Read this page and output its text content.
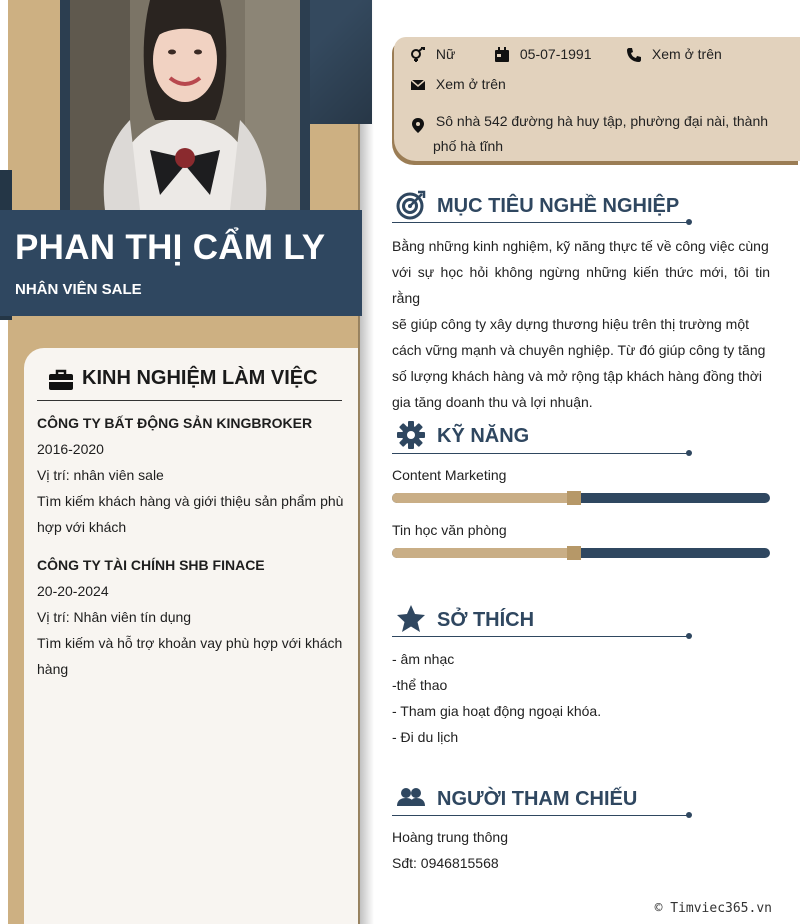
PHAN THỊ CẨM LY
NHÂN VIÊN SALE
KINH NGHIỆM LÀM VIỆC
CÔNG TY BẤT ĐỘNG SẢN KINGBROKER
2016-2020
Vị trí: nhân viên sale
Tìm kiếm khách hàng và giới thiệu sản phẩm phù
hợp với khách
CÔNG TY TÀI CHÍNH SHB FINACE
20-20-2024
Vị trí: Nhân viên tín dụng
Tìm kiếm và hỗ trợ khoản vay phù hợp với khách
hàng
Nữ	05-07-1991	Xem ở trên
Xem ở trên
Sô nhà 542 đường hà huy tập, phường đại nài, thành
phố hà tĩnh
MỤC TIÊU NGHỀ NGHIỆP
Bằng những kinh nghiệm, kỹ năng thực tế về công việc cùng
với sự học hỏi không ngừng những kiến thức mới, tôi tin rằng
sẽ giúp công ty xây dựng thương hiệu trên thị trường một
cách vững mạnh và chuyên nghiệp. Từ đó giúp công ty tăng
số lượng khách hàng và mở rộng tập khách hàng đồng thời
gia tăng doanh thu và lợi nhuận.
KỸ NĂNG
Content Marketing
Tin học văn phòng
SỞ THÍCH
- âm nhạc
-thể thao
- Tham gia hoạt động ngoại khóa.
- Đi du lịch
NGƯỜI THAM CHIẾU
Hoàng trung thông
Sđt: 0946815568
© Timviec365.vn
